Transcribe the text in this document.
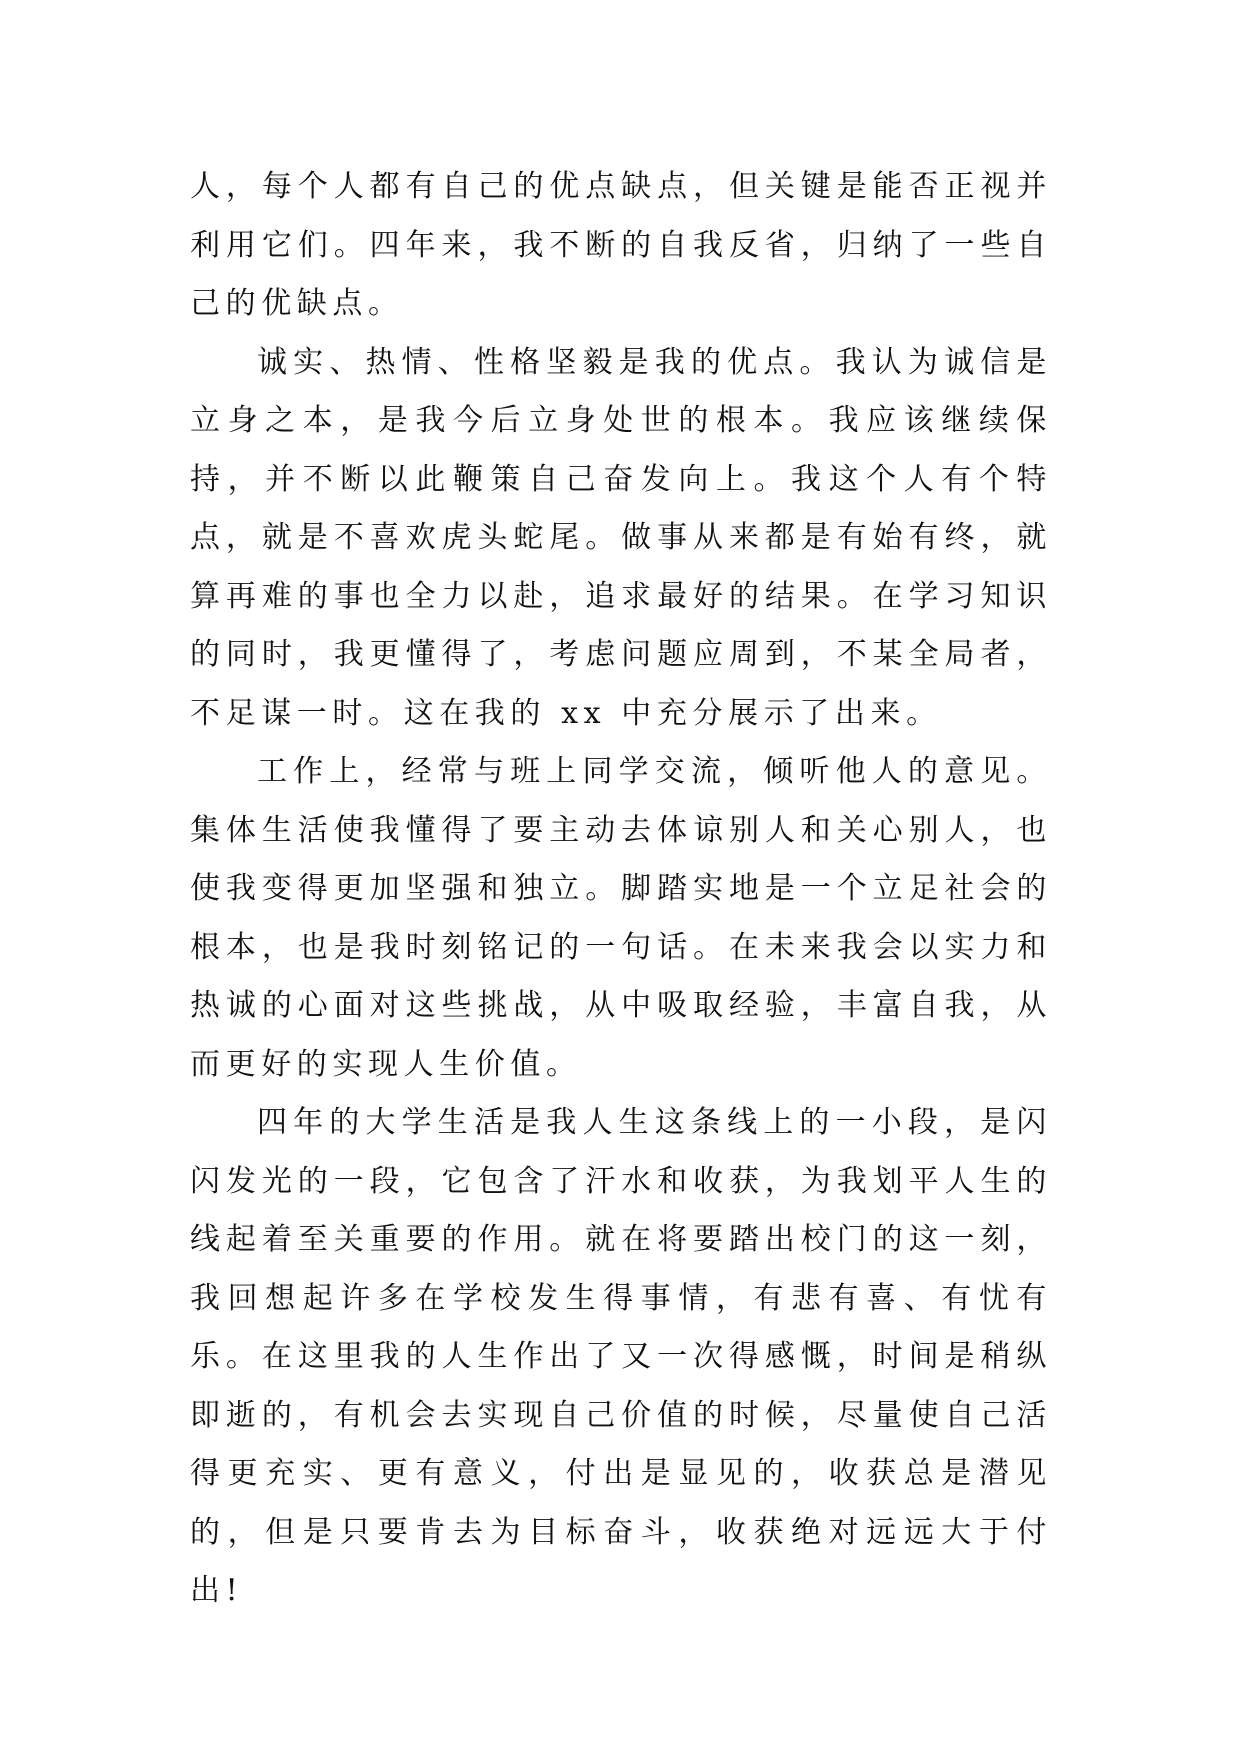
人，每个人都有自己的优点缺点，但关键是能否正视并利用它们。四年来，我不断的自我反省，归纳了一些自己的优缺点。

诚实、热情、性格坚毅是我的优点。我认为诚信是立身之本，是我今后立身处世的根本。我应该继续保持，并不断以此鞭策自己奋发向上。我这个人有个特点，就是不喜欢虎头蛇尾。做事从来都是有始有终，就算再难的事也全力以赴，追求最好的结果。在学习知识的同时，我更懂得了，考虑问题应周到，不某全局者，不足谋一时。这在我的 xx 中充分展示了出来。

工作上，经常与班上同学交流，倾听他人的意见。集体生活使我懂得了要主动去体谅别人和关心别人，也使我变得更加坚强和独立。脚踏实地是一个立足社会的根本，也是我时刻铭记的一句话。在未来我会以实力和热诚的心面对这些挑战，从中吸取经验，丰富自我，从而更好的实现人生价值。

四年的大学生活是我人生这条线上的一小段，是闪闪发光的一段，它包含了汗水和收获，为我划平人生的线起着至关重要的作用。就在将要踏出校门的这一刻，我回想起许多在学校发生得事情，有悲有喜、有忧有乐。在这里我的人生作出了又一次得感慨，时间是稍纵即逝的，有机会去实现自己价值的时候，尽量使自己活得更充实、更有意义，付出是显见的，收获总是潜见的，但是只要肯去为目标奋斗，收获绝对远远大于付出!
